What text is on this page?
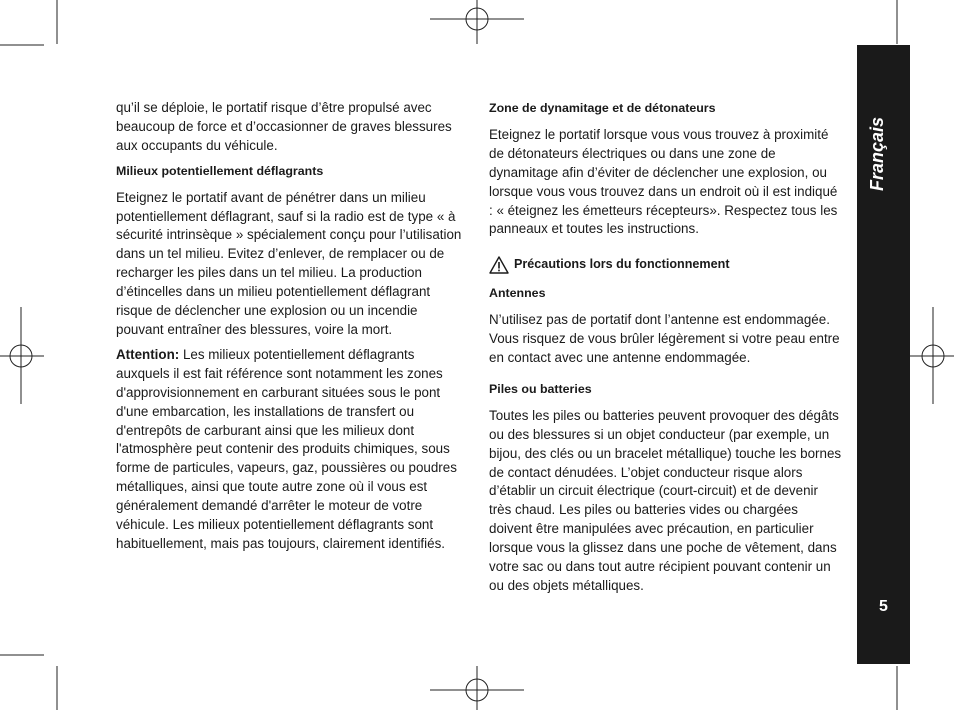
qu’il se déploie, le portatif risque d’être propulsé avec beaucoup de force et d’occasionner de graves blessures aux occupants du véhicule.

Milieux potentiellement déflagrants

Eteignez le portatif avant de pénétrer dans un milieu potentiellement déflagrant, sauf si la radio est de type « à sécurité intrinsèque » spécialement conçu pour l’utilisation dans un tel milieu. Evitez d’enlever, de remplacer ou de recharger les piles dans un tel milieu. La production d’étincelles dans un milieu potentiellement déflagrant risque de déclencher une explosion ou un incendie pouvant entraîner des blessures, voire la mort.

Attention: Les milieux potentiellement déflagrants auxquels il est fait référence sont notamment les zones d'approvisionnement en carburant situées sous le pont d'une embarcation, les installations de transfert ou d'entrepôts de carburant ainsi que les milieux dont l'atmosphère peut contenir des produits chimiques, sous forme de particules, vapeurs, gaz, poussières ou poudres métalliques, ainsi que toute autre zone où il vous est généralement demandé d'arrêter le moteur de votre véhicule. Les milieux potentiellement déflagrants sont habituellement, mais pas toujours, clairement identifiés.

Zone de dynamitage et de détonateurs

Eteignez le portatif lorsque vous vous trouvez à proximité de détonateurs électriques ou dans une zone de dynamitage afin d’éviter de déclencher une explosion, ou lorsque vous vous trouvez dans un endroit où il est indiqué : « éteignez les émetteurs récepteurs». Respectez tous les panneaux et toutes les instructions.

Précautions lors du fonctionnement

Antennes

N’utilisez pas de portatif dont l’antenne est endommagée. Vous risquez de vous brûler légèrement si votre peau entre en contact avec une antenne endommagée.

Piles ou batteries

Toutes les piles ou batteries peuvent provoquer des dégâts ou des blessures si un objet conducteur (par exemple, un bijou, des clés ou un bracelet métallique) touche les bornes de contact dénudées. L’objet conducteur risque alors d’établir un circuit électrique (court-circuit) et de devenir très chaud. Les piles ou batteries vides ou chargées doivent être manipulées avec précaution, en particulier lorsque vous la glissez dans une poche de vêtement, dans votre sac ou dans tout autre récipient pouvant contenir un ou des objets métalliques.

Français
5
